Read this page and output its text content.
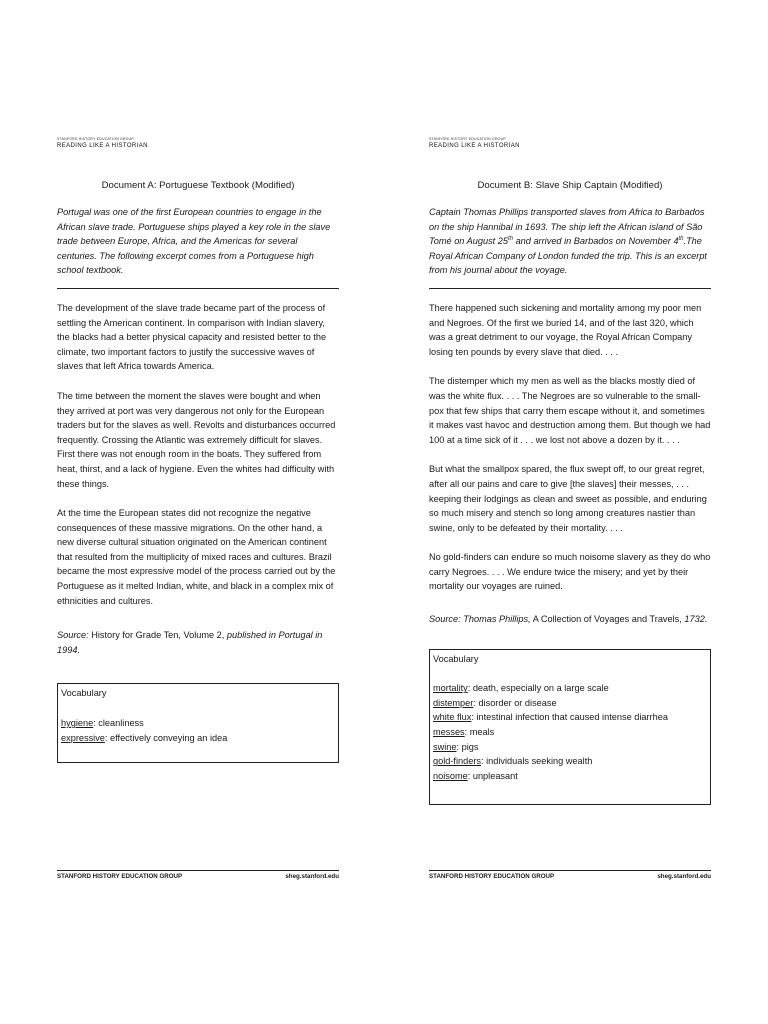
STANFORD HISTORY EDUCATION GROUP
READING LIKE A HISTORIAN
Document A: Portuguese Textbook (Modified)
Portugal was one of the first European countries to engage in the African slave trade. Portuguese ships played a key role in the slave trade between Europe, Africa, and the Americas for several centuries. The following excerpt comes from a Portuguese high school textbook.

The development of the slave trade became part of the process of settling the American continent. In comparison with Indian slavery, the blacks had a better physical capacity and resisted better to the climate, two important factors to justify the successive waves of slaves that left Africa towards America.

The time between the moment the slaves were bought and when they arrived at port was very dangerous not only for the European traders but for the slaves as well. Revolts and disturbances occurred frequently. Crossing the Atlantic was extremely difficult for slaves. First there was not enough room in the boats. They suffered from heat, thirst, and a lack of hygiene. Even the whites had difficulty with these things.

At the time the European states did not recognize the negative consequences of these massive migrations. On the other hand, a new diverse cultural situation originated on the American continent that resulted from the multiplicity of mixed races and cultures. Brazil became the most expressive model of the process carried out by the Portuguese as it melted Indian, white, and black in a complex mix of ethnicities and cultures.

Source: History for Grade Ten, Volume 2, published in Portugal in 1994.
Vocabulary
hygiene: cleanliness
expressive: effectively conveying an idea
STANFORD HISTORY EDUCATION GROUP
READING LIKE A HISTORIAN
Document B: Slave Ship Captain (Modified)
Captain Thomas Phillips transported slaves from Africa to Barbados on the ship Hannibal in 1693. The ship left the African island of São Tomé on August 25th and arrived in Barbados on November 4th.The Royal African Company of London funded the trip. This is an excerpt from his journal about the voyage.

There happened such sickening and mortality among my poor men and Negroes. Of the first we buried 14, and of the last 320, which was a great detriment to our voyage, the Royal African Company losing ten pounds by every slave that died. . . .

The distemper which my men as well as the blacks mostly died of was the white flux. . . . The Negroes are so vulnerable to the small-pox that few ships that carry them escape without it, and sometimes it makes vast havoc and destruction among them. But though we had 100 at a time sick of it . . . we lost not above a dozen by it. . . .

But what the smallpox spared, the flux swept off, to our great regret, after all our pains and care to give [the slaves] their messes, . . . keeping their lodgings as clean and sweet as possible, and enduring so much misery and stench so long among creatures nastier than swine, only to be defeated by their mortality. . . .

No gold-finders can endure so much noisome slavery as they do who carry Negroes. . . . We endure twice the misery; and yet by their mortality our voyages are ruined.

Source: Thomas Phillips, A Collection of Voyages and Travels, 1732.
Vocabulary
mortality: death, especially on a large scale
distemper: disorder or disease
white flux: intestinal infection that caused intense diarrhea
messes: meals
swine: pigs
gold-finders: individuals seeking wealth
noisome: unpleasant
STANFORD HISTORY EDUCATION GROUP	sheg.stanford.edu	STANFORD HISTORY EDUCATION GROUP	sheg.stanford.edu
